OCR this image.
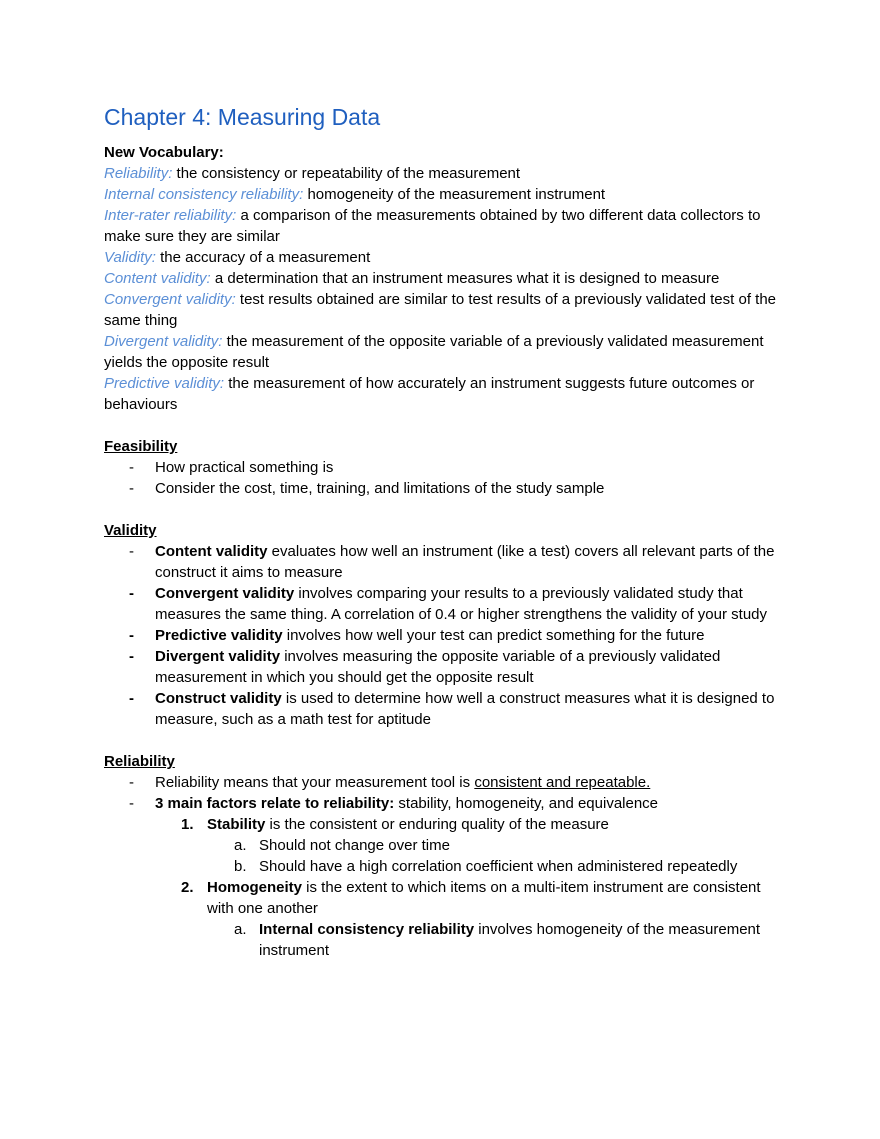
Chapter 4: Measuring Data
New Vocabulary:
Reliability: the consistency or repeatability of the measurement
Internal consistency reliability: homogeneity of the measurement instrument
Inter-rater reliability: a comparison of the measurements obtained by two different data collectors to make sure they are similar
Validity: the accuracy of a measurement
Content validity: a determination that an instrument measures what it is designed to measure
Convergent validity: test results obtained are similar to test results of a previously validated test of the same thing
Divergent validity: the measurement of the opposite variable of a previously validated measurement yields the opposite result
Predictive validity: the measurement of how accurately an instrument suggests future outcomes or behaviours
Feasibility
- How practical something is
- Consider the cost, time, training, and limitations of the study sample
Validity
- Content validity evaluates how well an instrument (like a test) covers all relevant parts of the construct it aims to measure
- Convergent validity involves comparing your results to a previously validated study that measures the same thing. A correlation of 0.4 or higher strengthens the validity of your study
- Predictive validity involves how well your test can predict something for the future
- Divergent validity involves measuring the opposite variable of a previously validated measurement in which you should get the opposite result
- Construct validity is used to determine how well a construct measures what it is designed to measure, such as a math test for aptitude
Reliability
- Reliability means that your measurement tool is consistent and repeatable.
- 3 main factors relate to reliability: stability, homogeneity, and equivalence
1. Stability is the consistent or enduring quality of the measure
a. Should not change over time
b. Should have a high correlation coefficient when administered repeatedly
2. Homogeneity is the extent to which items on a multi-item instrument are consistent with one another
a. Internal consistency reliability involves homogeneity of the measurement instrument
